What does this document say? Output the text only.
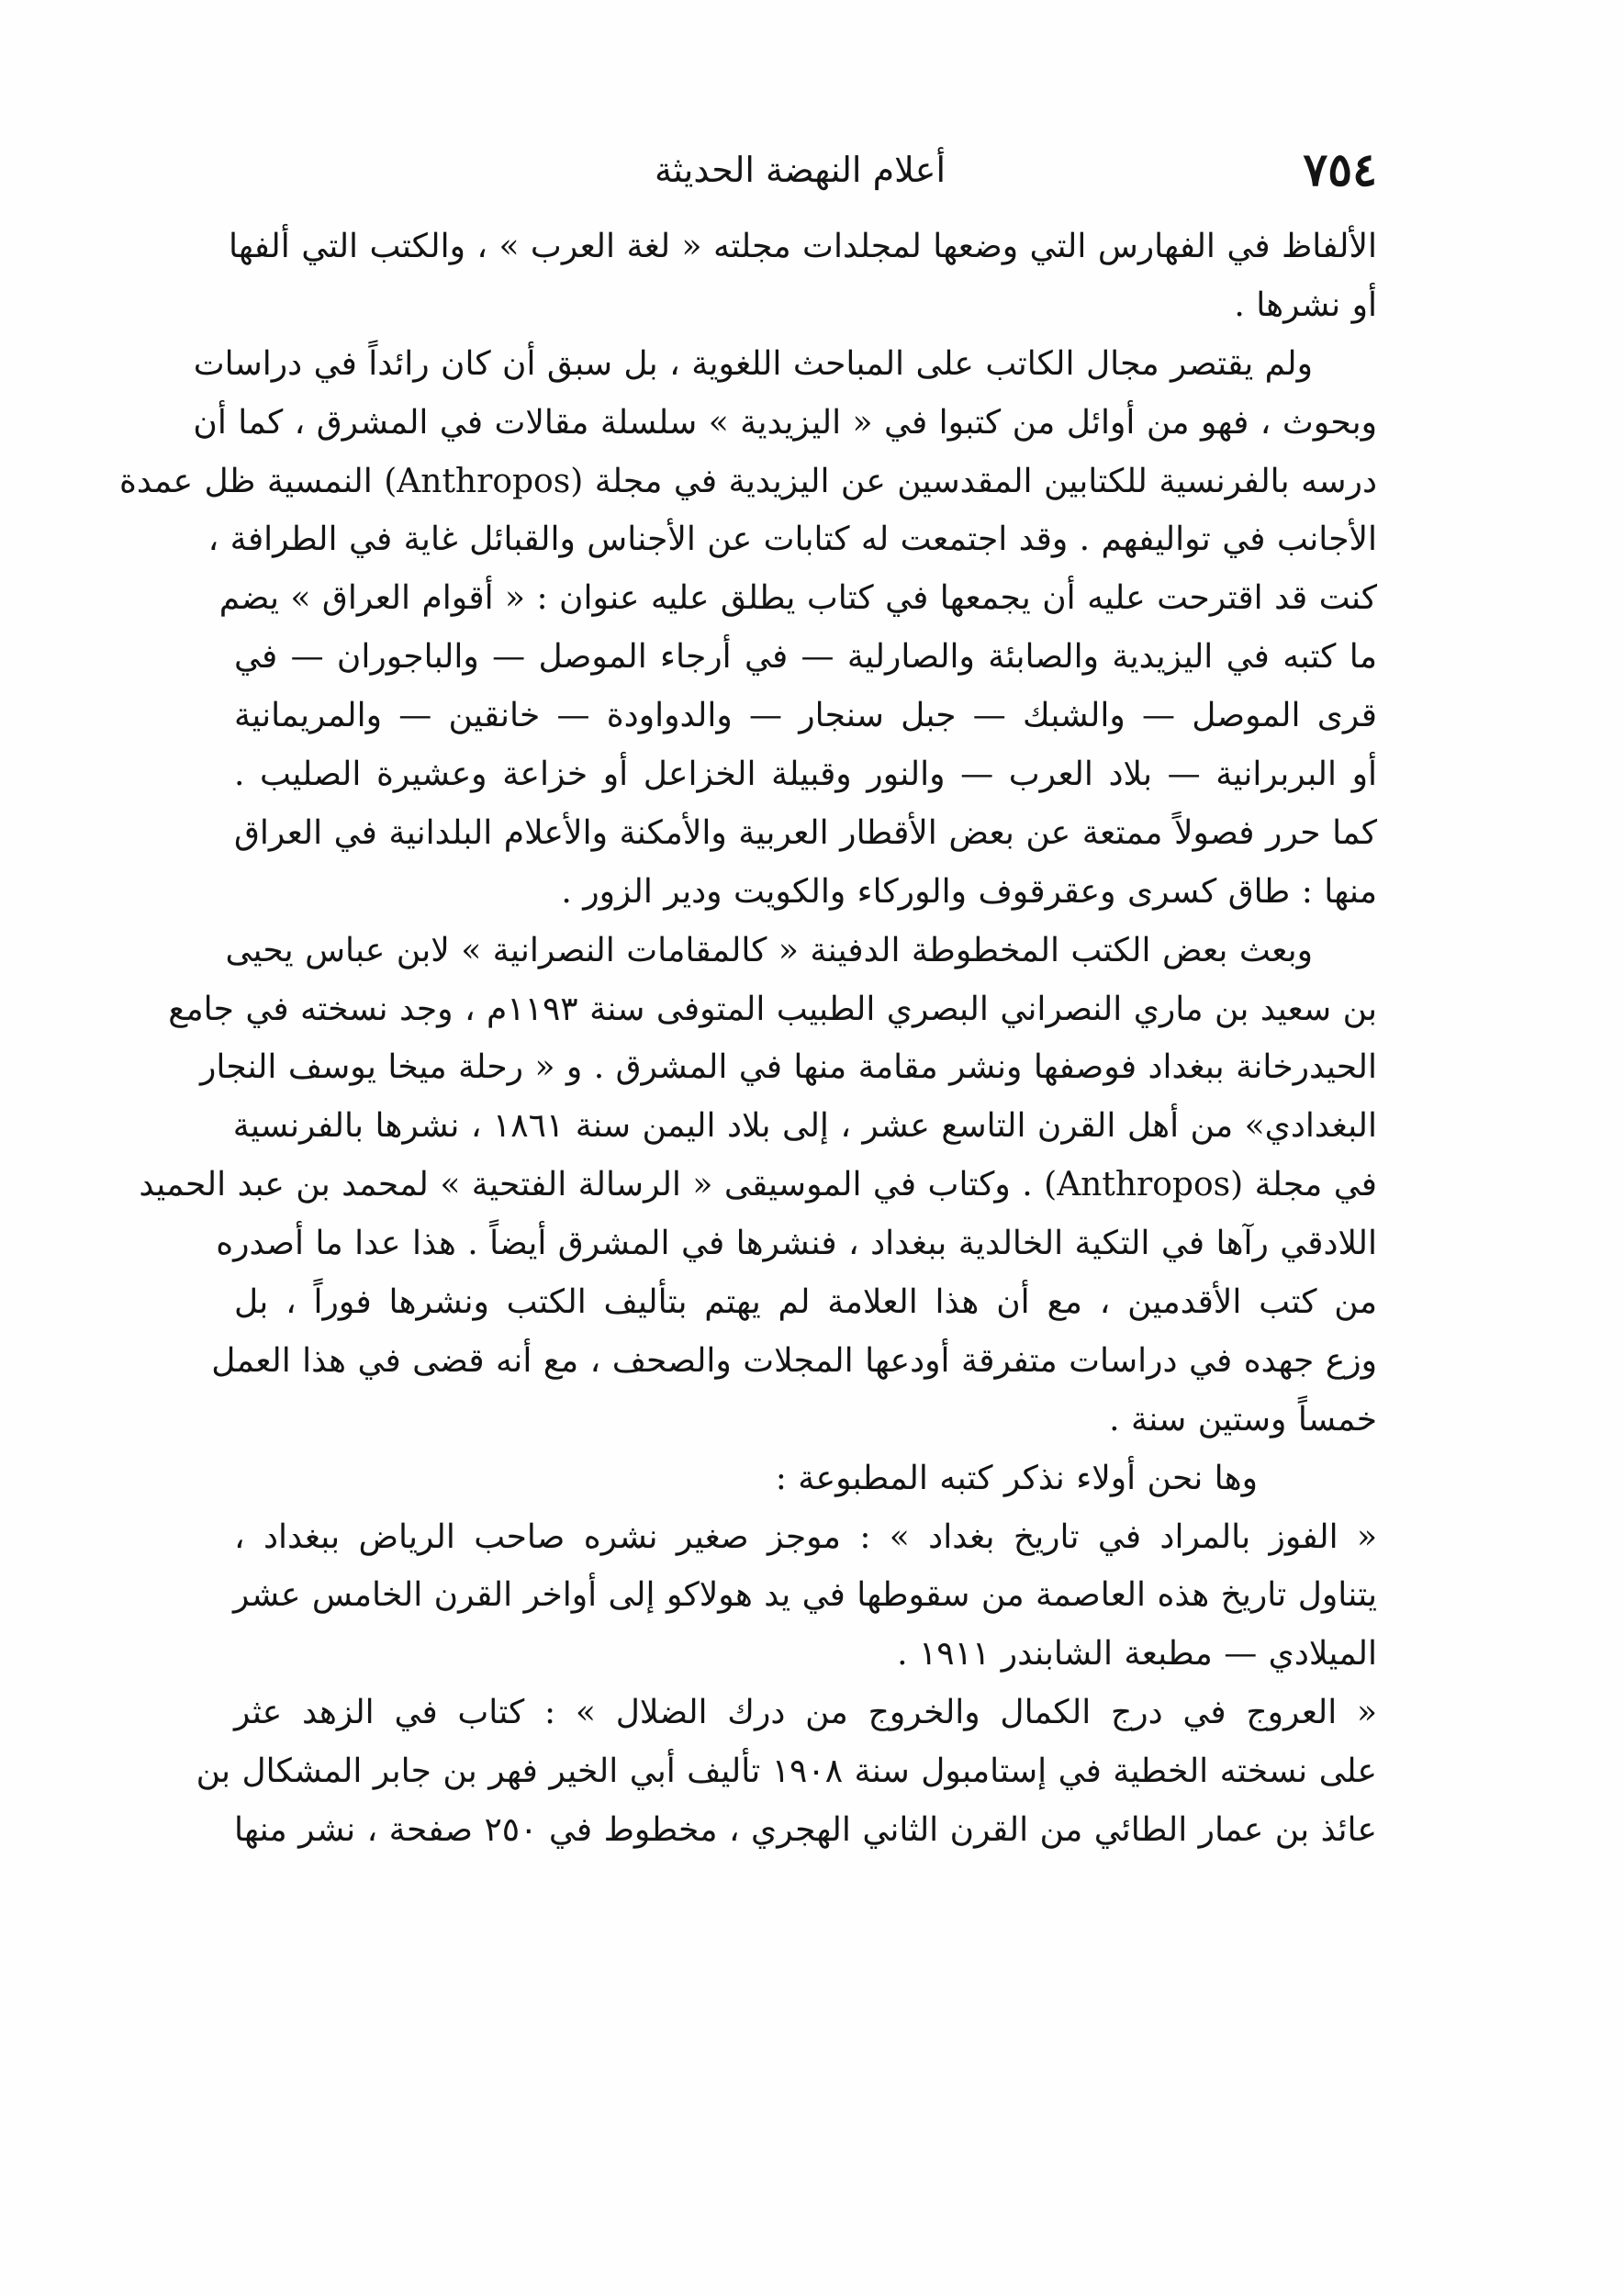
٧٥٤
أعلام النهضة الحديثة
الألفاظ في الفهارس التي وضعها لمجلدات مجلته « لغة العرب » ، والكتب التي ألفها
أو نشرها .
ولم يقتصر مجال الكاتب على المباحث اللغوية ، بل سبق أن كان رائداً في دراسات
وبحوث ، فهو من أوائل من كتبوا في « اليزيدية » سلسلة مقالات في المشرق ، كما أن
درسه بالفرنسية للكتابين المقدسين عن اليزيدية في مجلة (Anthropos) النمسية ظل عمدة
الأجانب في تواليفهم . وقد اجتمعت له كتابات عن الأجناس والقبائل غاية في الطرافة ،
كنت قد اقترحت عليه أن يجمعها في كتاب يطلق عليه عنوان : « أقوام العراق » يضم
ما كتبه في اليزيدية والصابئة والصارلية — في أرجاء الموصل — والباجوران — في
قرى الموصل — والشبك — جبل سنجار — والدواودة — خانقين — والمريمانية
أو البربرانية — بلاد العرب — والنور وقبيلة الخزاعل أو خزاعة وعشيرة الصليب .
كما حرر فصولاً ممتعة عن بعض الأقطار العربية والأمكنة والأعلام البلدانية في العراق
منها : طاق كسرى وعقرقوف والوركاء والكويت ودير الزور .
وبعث بعض الكتب المخطوطة الدفينة « كالمقامات النصرانية » لابن عباس يحيى
بن سعيد بن ماري النصراني البصري الطبيب المتوفى سنة ١١٩٣م ، وجد نسخته في جامع
الحيدرخانة ببغداد فوصفها ونشر مقامة منها في المشرق . و « رحلة ميخا يوسف النجار
البغدادي» من أهل القرن التاسع عشر ، إلى بلاد اليمن سنة ١٨٦١ ، نشرها بالفرنسية
في مجلة (Anthropos) . وكتاب في الموسيقى « الرسالة الفتحية » لمحمد بن عبد الحميد
اللادقي رآها في التكية الخالدية ببغداد ، فنشرها في المشرق أيضاً . هذا عدا ما أصدره
من كتب الأقدمين ، مع أن هذا العلامة لم يهتم بتأليف الكتب ونشرها فوراً ، بل
وزع جهده في دراسات متفرقة أودعها المجلات والصحف ، مع أنه قضى في هذا العمل
خمساً وستين سنة .
وها نحن أولاء نذكر كتبه المطبوعة :
« الفوز بالمراد في تاريخ بغداد » : موجز صغير نشره صاحب الرياض ببغداد ،
يتناول تاريخ هذه العاصمة من سقوطها في يد هولاكو إلى أواخر القرن الخامس عشر
الميلادي — مطبعة الشابندر ١٩١١ .
« العروج في درج الكمال والخروج من درك الضلال » : كتاب في الزهد عثر
على نسخته الخطية في إستامبول سنة ١٩٠٨ تأليف أبي الخير فهر بن جابر المشكال بن
عائذ بن عمار الطائي من القرن الثاني الهجري ، مخطوط في ٢٥٠ صفحة ، نشر منها
